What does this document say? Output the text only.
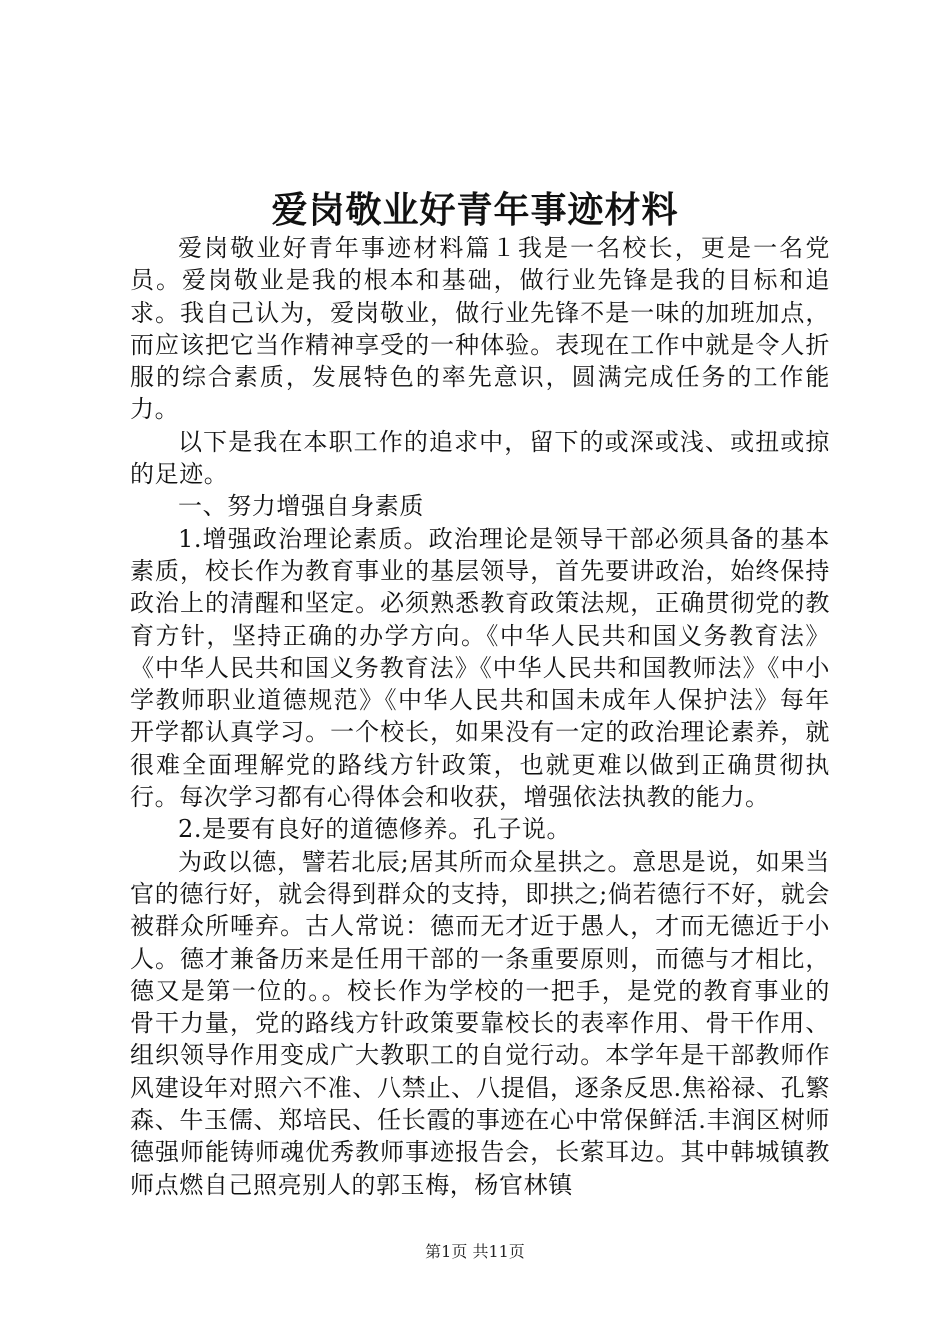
爱岗敬业好青年事迹材料

爱岗敬业好青年事迹材料篇１我是一名校长，更是一名党员。爱岗敬业是我的根本和基础，做行业先锋是我的目标和追求。我自己认为，爱岗敬业，做行业先锋不是一味的加班加点，而应该把它当作精神享受的一种体验。表现在工作中就是令人折服的综合素质，发展特色的率先意识，圆满完成任务的工作能力。

以下是我在本职工作的追求中，留下的或深或浅、或扭或掠的足迹。

一、努力增强自身素质

1.增强政治理论素质。政治理论是领导干部必须具备的基本素质，校长作为教育事业的基层领导，首先要讲政治，始终保持政治上的清醒和坚定。必须熟悉教育政策法规，正确贯彻党的教育方针，坚持正确的办学方向。《中华人民共和国义务教育法》《中华人民共和国义务教育法》《中华人民共和国教师法》《中小学教师职业道德规范》《中华人民共和国未成年人保护法》每年开学都认真学习。一个校长，如果没有一定的政治理论素养，就很难全面理解党的路线方针政策，也就更难以做到正确贯彻执行。每次学习都有心得体会和收获，增强依法执教的能力。

2.是要有良好的道德修养。孔子说。

为政以德，譬若北辰;居其所而众星拱之。意思是说，如果当官的德行好，就会得到群众的支持，即拱之;倘若德行不好，就会被群众所唾弃。古人常说：德而无才近于愚人，才而无德近于小人。德才兼备历来是任用干部的一条重要原则，而德与才相比，德又是第一位的。。校长作为学校的一把手，是党的教育事业的骨干力量，党的路线方针政策要靠校长的表率作用、骨干作用、组织领导作用变成广大教职工的自觉行动。本学年是干部教师作风建设年对照六不准、八禁止、八提倡，逐条反思.焦裕禄、孔繁森、牛玉儒、郑培民、任长霞的事迹在心中常保鲜活.丰润区树师德强师能铸师魂优秀教师事迹报告会，长萦耳边。其中韩城镇教师点燃自己照亮别人的郭玉梅，杨官林镇

第1页 共11页
